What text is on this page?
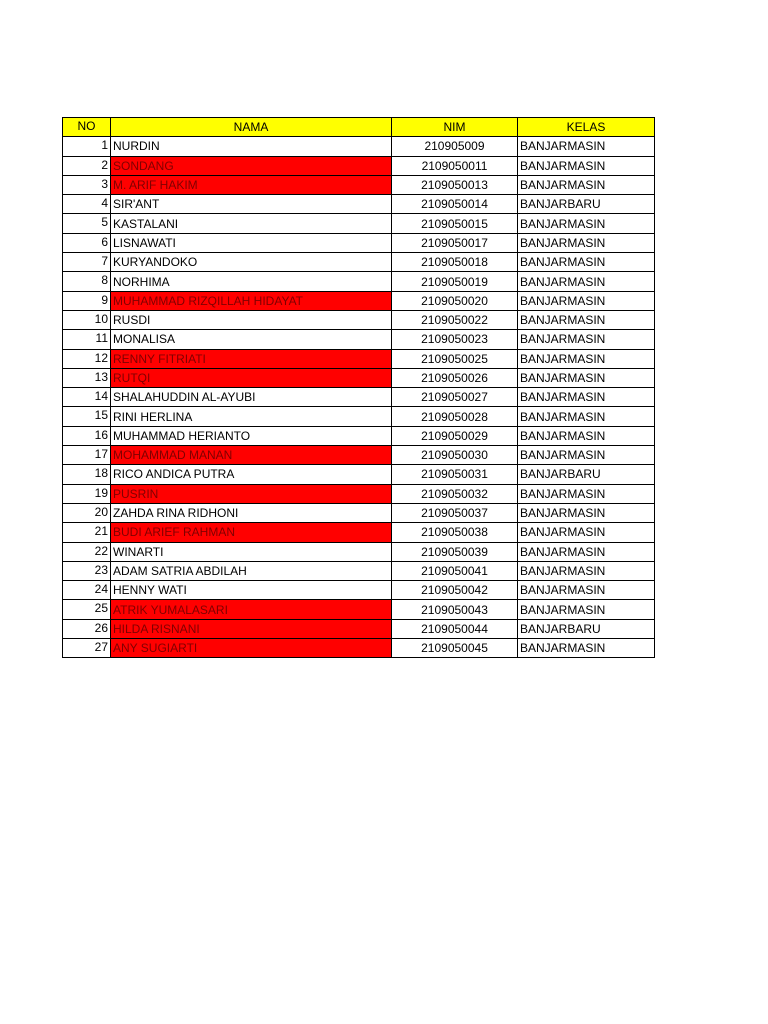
NO	NAMA	NIM	KELAS
1	NURDIN	210905009	BANJARMASIN
2	SONDANG	2109050011	BANJARMASIN
3	M. ARIF HAKIM	2109050013	BANJARMASIN
4	SIR'ANT	2109050014	BANJARBARU
5	KASTALANI	2109050015	BANJARMASIN
6	LISNAWATI	2109050017	BANJARMASIN
7	KURYANDOKO	2109050018	BANJARMASIN
8	NORHIMA	2109050019	BANJARMASIN
9	MUHAMMAD RIZQILLAH HIDAYAT	2109050020	BANJARMASIN
10	RUSDI	2109050022	BANJARMASIN
11	MONALISA	2109050023	BANJARMASIN
12	RENNY FITRIATI	2109050025	BANJARMASIN
13	RUTQI	2109050026	BANJARMASIN
14	SHALAHUDDIN AL-AYUBI	2109050027	BANJARMASIN
15	RINI HERLINA	2109050028	BANJARMASIN
16	MUHAMMAD HERIANTO	2109050029	BANJARMASIN
17	MOHAMMAD MANAN	2109050030	BANJARMASIN
18	RICO ANDICA PUTRA	2109050031	BANJARBARU
19	PUSRIN	2109050032	BANJARMASIN
20	ZAHDA RINA RIDHONI	2109050037	BANJARMASIN
21	BUDI ARIEF RAHMAN	2109050038	BANJARMASIN
22	WINARTI	2109050039	BANJARMASIN
23	ADAM SATRIA ABDILAH	2109050041	BANJARMASIN
24	HENNY WATI	2109050042	BANJARMASIN
25	ATRIK YUMALASARI	2109050043	BANJARMASIN
26	HILDA RISNANI	2109050044	BANJARBARU
27	ANY SUGIARTI	2109050045	BANJARMASIN
